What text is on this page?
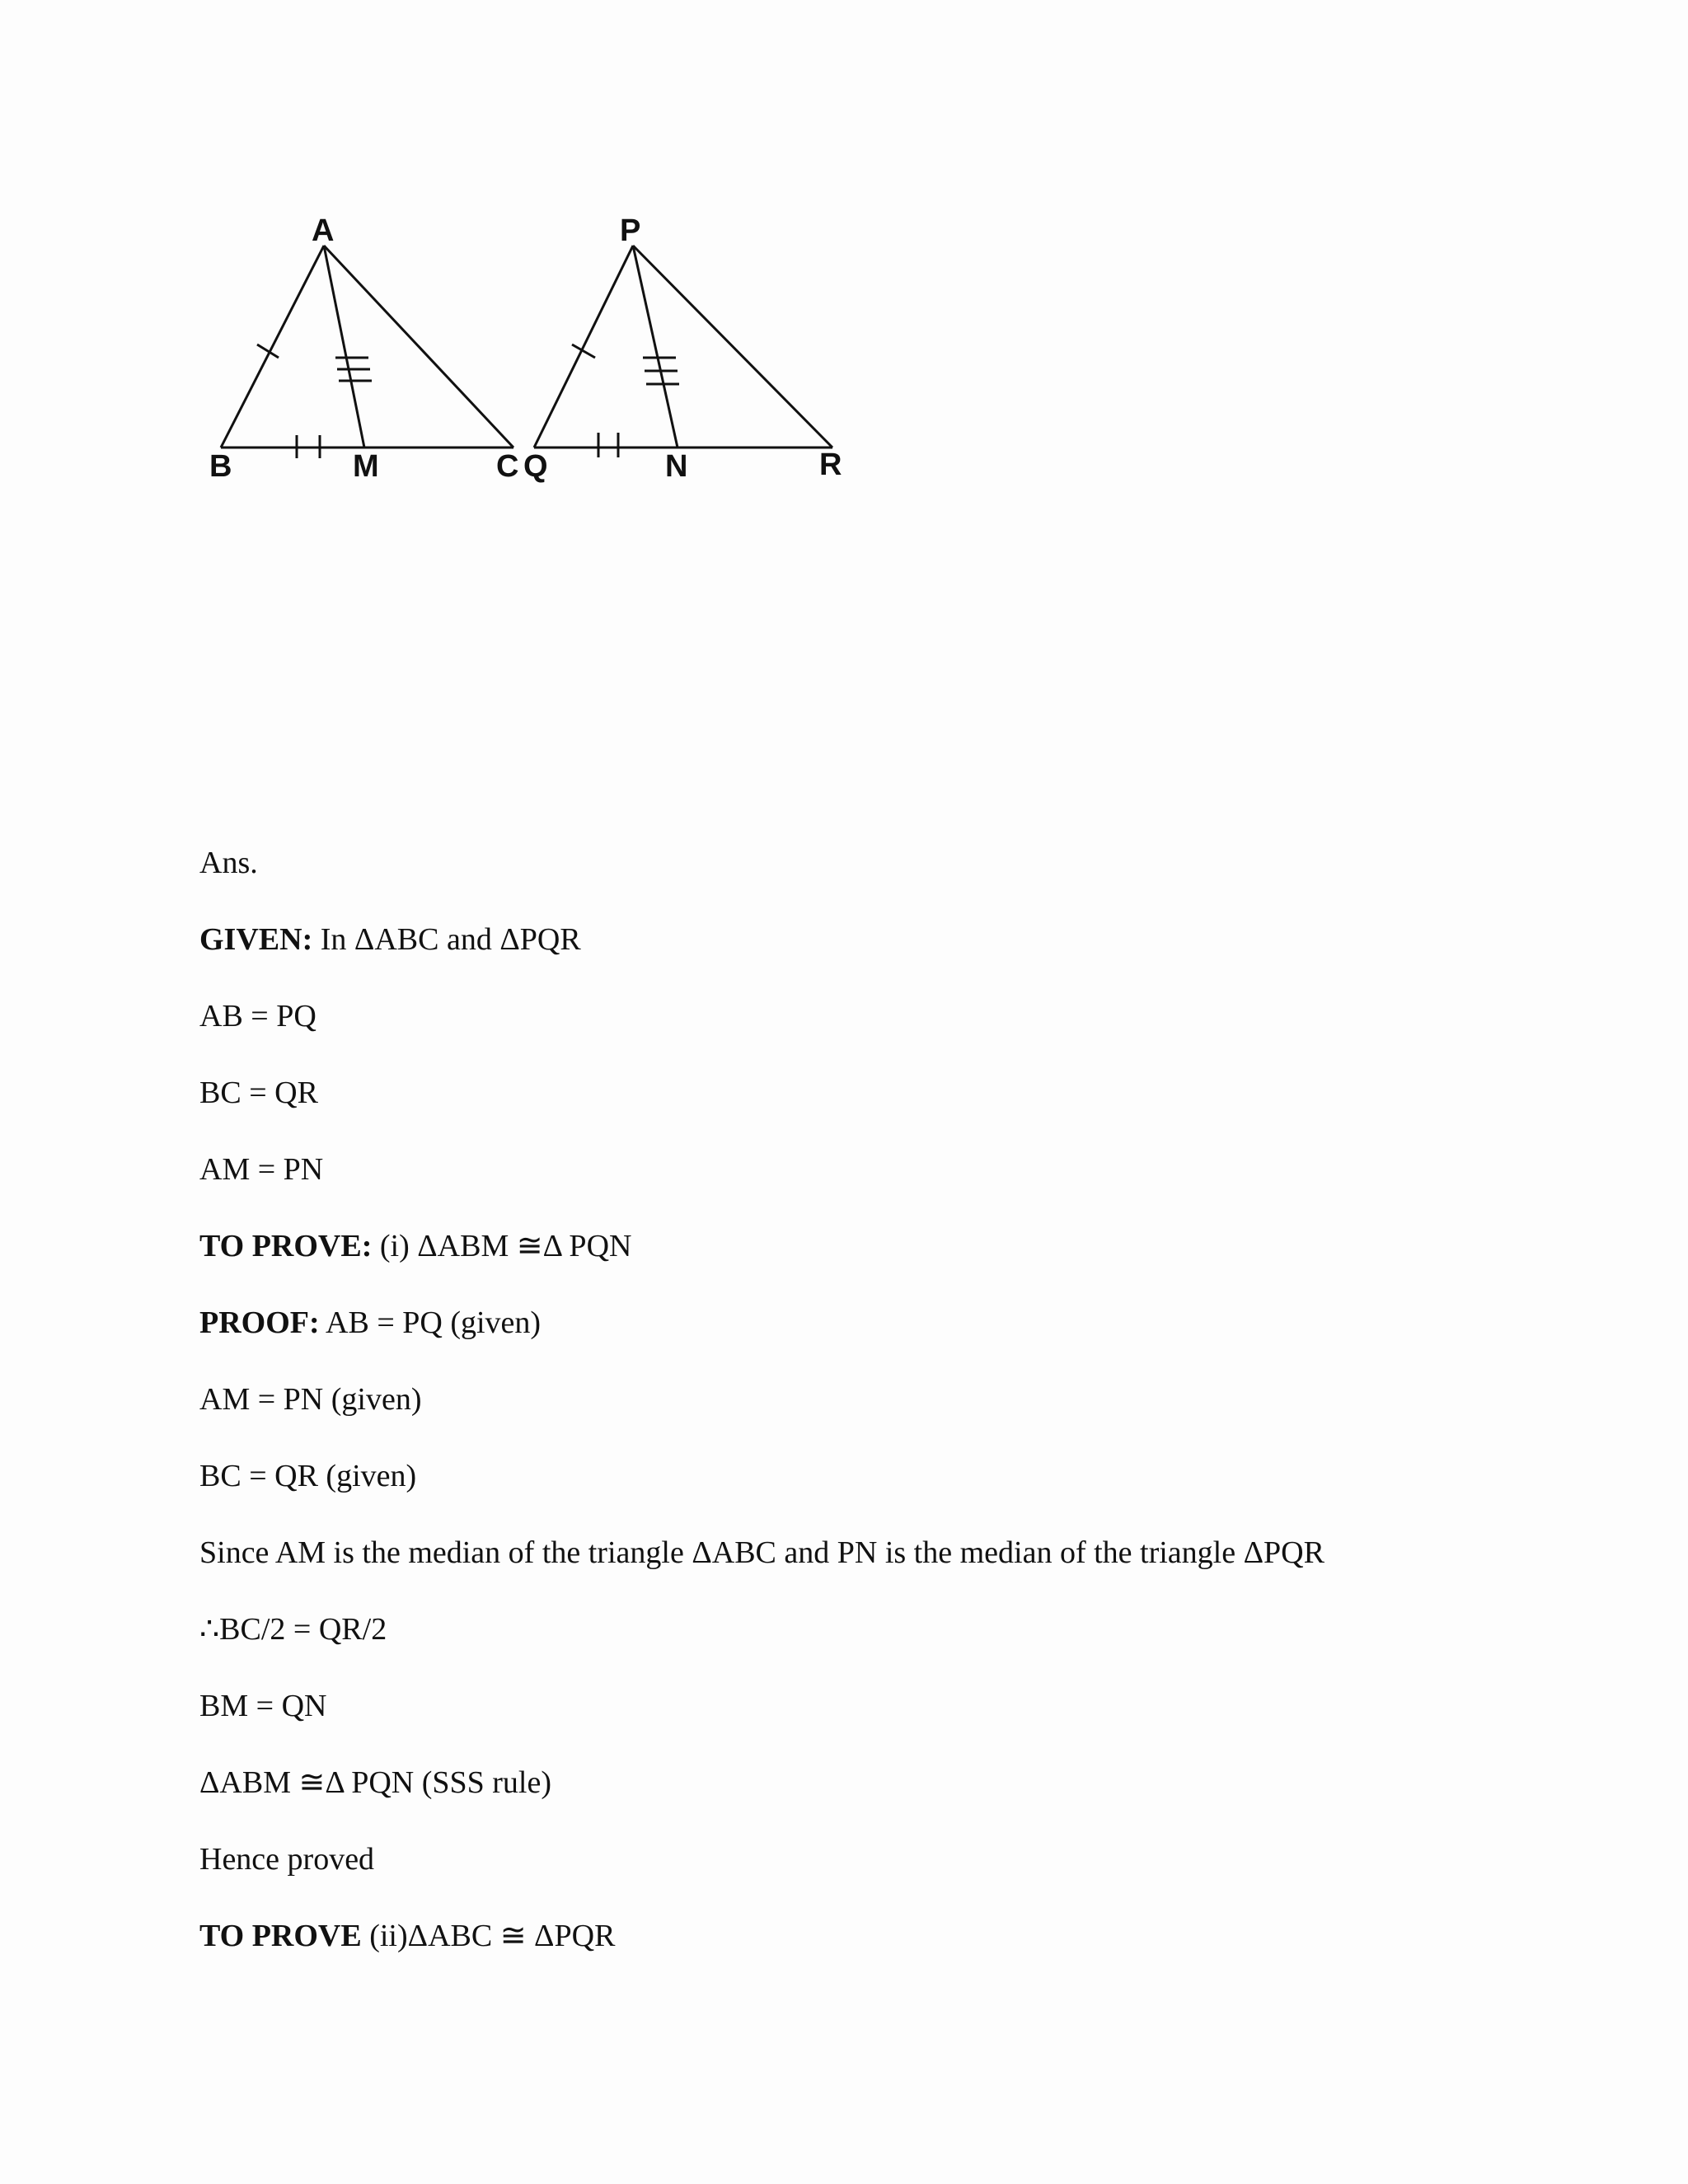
A
B	M	C Q
P
N	R
Ans.
GIVEN: In ΔABC and ΔPQR
AB = PQ
BC = QR
AM = PN
TO PROVE: (i) ΔABM ≅Δ PQN
PROOF: AB = PQ (given)
AM = PN (given)
BC = QR (given)
Since AM is the median of the triangle ΔABC and PN is the median of the triangle ΔPQR
∴BC/2 = QR/2
BM = QN
ΔABM ≅Δ PQN (SSS rule)
Hence proved
TO PROVE (ii)ΔABC ≅ ΔPQR
